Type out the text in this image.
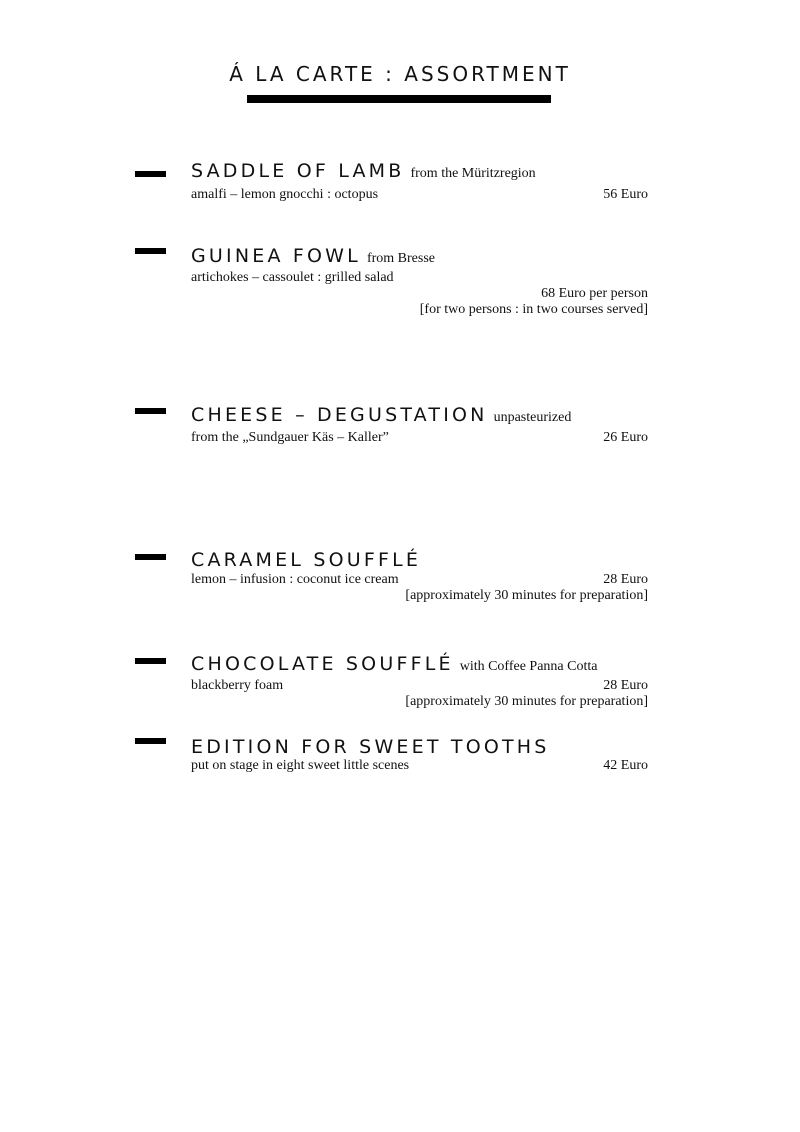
Á LA CARTE : ASSORTMENT
SADDLE OF LAMB from the Müritzregion
amalfi – lemon gnocchi : octopus	56 Euro
GUINEA FOWL from Bresse
artichokes – cassoulet : grilled salad
68 Euro per person
[for two persons : in two courses served]
CHEESE – DEGUSTATION unpasteurized
from the „Sundgauer Käs – Kaller”	26 Euro
CARAMEL SOUFFLÉ
lemon – infusion : coconut ice cream	28 Euro
[approximately 30 minutes for preparation]
CHOCOLATE SOUFFLÉ with Coffee Panna Cotta
blackberry foam	28 Euro
[approximately 30 minutes for preparation]
EDITION FOR SWEET TOOTHS
put on stage in eight sweet little scenes	42 Euro
